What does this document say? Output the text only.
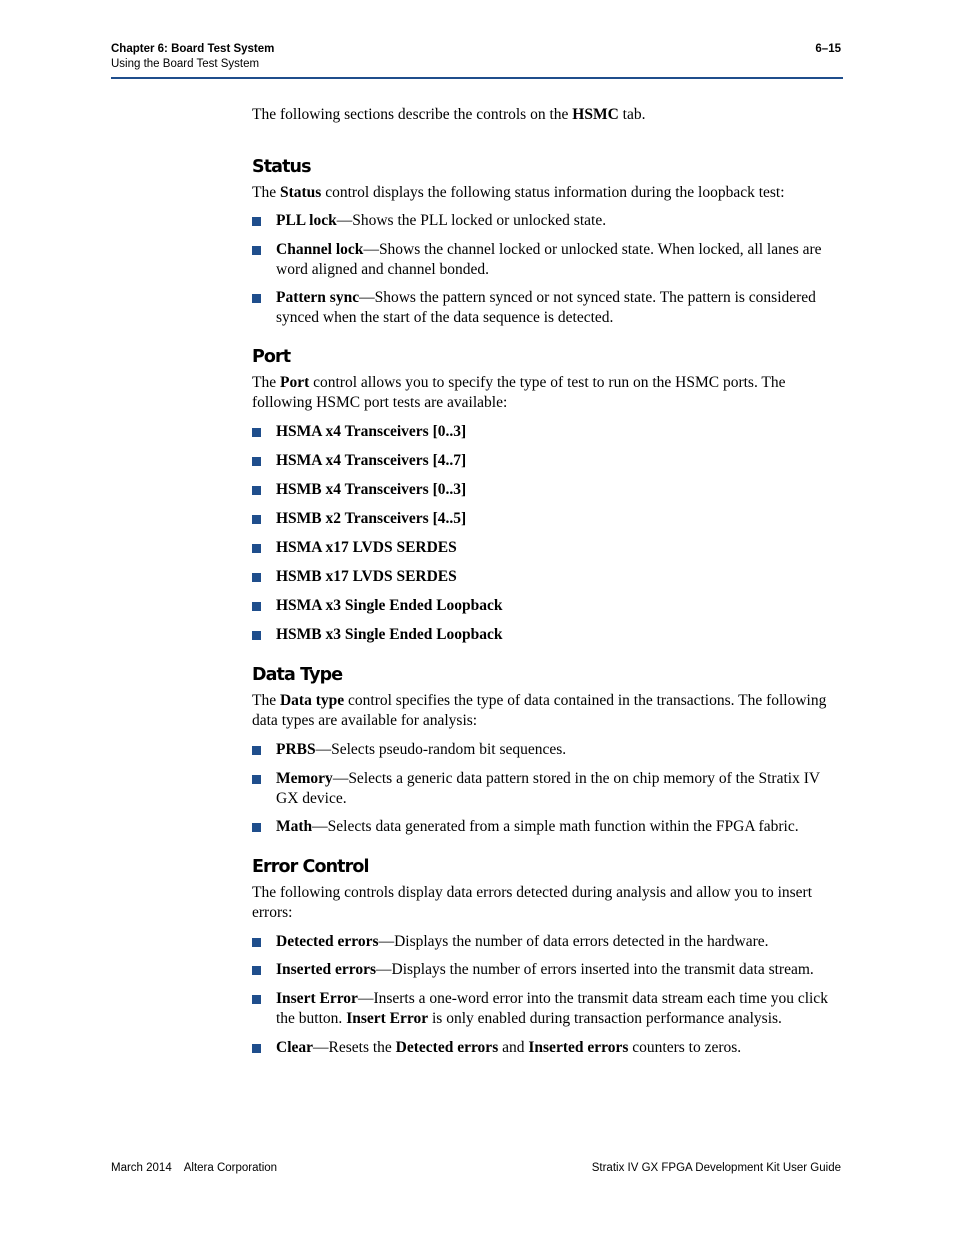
Chapter 6: Board Test System
Using the Board Test System
6–15

The following sections describe the controls on the HSMC tab.

Status

The Status control displays the following status information during the loopback test:

PLL lock—Shows the PLL locked or unlocked state.
Channel lock—Shows the channel locked or unlocked state. When locked, all lanes are word aligned and channel bonded.
Pattern sync—Shows the pattern synced or not synced state. The pattern is considered synced when the start of the data sequence is detected.
Port

The Port control allows you to specify the type of test to run on the HSMC ports. The following HSMC port tests are available:

HSMA x4 Transceivers [0..3]
HSMA x4 Transceivers [4..7]
HSMB x4 Transceivers [0..3]
HSMB x2 Transceivers [4..5]
HSMA x17 LVDS SERDES
HSMB x17 LVDS SERDES
HSMA x3 Single Ended Loopback
HSMB x3 Single Ended Loopback
Data Type

The Data type control specifies the type of data contained in the transactions. The following data types are available for analysis:

PRBS—Selects pseudo-random bit sequences.
Memory—Selects a generic data pattern stored in the on chip memory of the Stratix IV GX device.
Math—Selects data generated from a simple math function within the FPGA fabric.
Error Control

The following controls display data errors detected during analysis and allow you to insert errors:

Detected errors—Displays the number of data errors detected in the hardware.
Inserted errors—Displays the number of errors inserted into the transmit data stream.
Insert Error—Inserts a one-word error into the transmit data stream each time you click the button. Insert Error is only enabled during transaction performance analysis.
Clear—Resets the Detected errors and Inserted errors counters to zeros.
March 2014 Altera Corporation	Stratix IV GX FPGA Development Kit User Guide
